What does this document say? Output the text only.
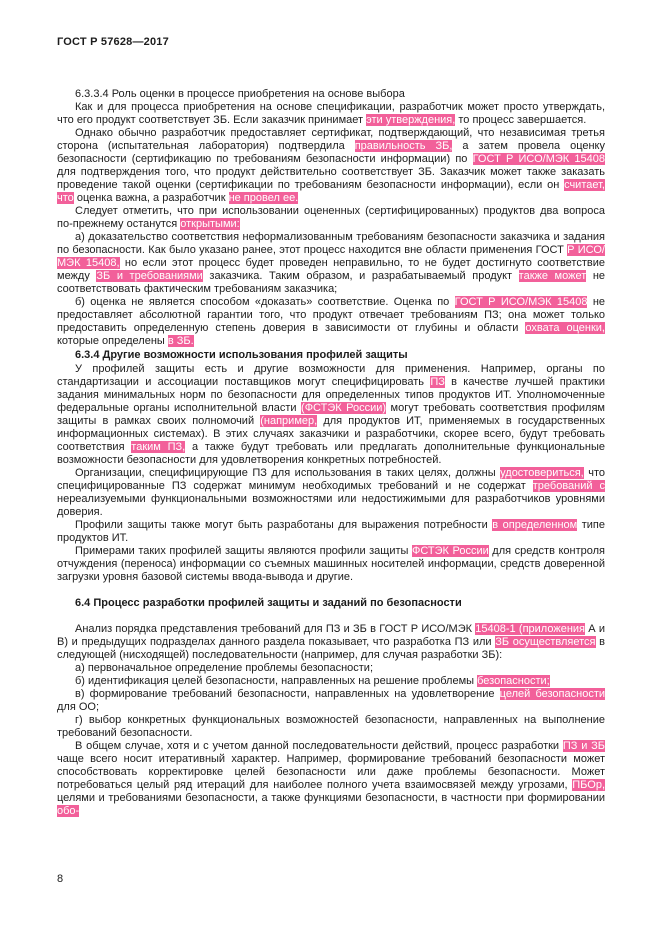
ГОСТ Р 57628—2017

6.3.3.4 Роль оценки в процессе приобретения на основе выбора

Как и для процесса приобретения на основе спецификации, разработчик может просто утверждать, что его продукт соответствует ЗБ. Если заказчик принимает эти утверждения, то процесс завершается.

Однако обычно разработчик предоставляет сертификат, подтверждающий, что независимая третья сторона (испытательная лаборатория) подтвердила правильность ЗБ, а затем провела оценку безопасности (сертификацию по требованиям безопасности информации) по ГОСТ Р ИСО/МЭК 15408 для подтверждения того, что продукт действительно соответствует ЗБ. Заказчик может также заказать проведение такой оценки (сертификации по требованиям безопасности информации), если он считает, что оценка важна, а разработчик не провел ее.

Следует отметить, что при использовании оцененных (сертифицированных) продуктов два вопроса по-прежнему останутся открытыми:

а) доказательство соответствия неформализованным требованиям безопасности заказчика и задания по безопасности. Как было указано ранее, этот процесс находится вне области применения ГОСТ Р ИСО/МЭК 15408, но если этот процесс будет проведен неправильно, то не будет достигнуто соответствие между ЗБ и требованиями заказчика. Таким образом, и разрабатываемый продукт также может не соответствовать фактическим требованиям заказчика;

б) оценка не является способом «доказать» соответствие. Оценка по ГОСТ Р ИСО/МЭК 15408 не предоставляет абсолютной гарантии того, что продукт отвечает требованиям ПЗ; она может только предоставить определенную степень доверия в зависимости от глубины и области охвата оценки, которые определены в ЗБ.

6.3.4 Другие возможности использования профилей защиты

У профилей защиты есть и другие возможности для применения. Например, органы по стандартизации и ассоциации поставщиков могут специфицировать ПЗ в качестве лучшей практики задания минимальных норм по безопасности для определенных типов продуктов ИТ. Уполномоченные федеральные органы исполнительной власти (ФСТЭК России) могут требовать соответствия профилям защиты в рамках своих полномочий (например, для продуктов ИТ, применяемых в государственных информационных системах). В этих случаях заказчики и разработчики, скорее всего, будут требовать соответствия таким ПЗ, а также будут требовать или предлагать дополнительные функциональные возможности безопасности для удовлетворения конкретных потребностей.

Организации, специфицирующие ПЗ для использования в таких целях, должны удостовериться, что специфицированные ПЗ содержат минимум необходимых требований и не содержат требований с нереализуемыми функциональными возможностями или недостижимыми для разработчиков уровнями доверия.

Профили защиты также могут быть разработаны для выражения потребности в определенном типе продуктов ИТ.

Примерами таких профилей защиты являются профили защиты ФСТЭК России для средств контроля отчуждения (переноса) информации со съемных машинных носителей информации, средств доверенной загрузки уровня базовой системы ввода-вывода и другие.

6.4 Процесс разработки профилей защиты и заданий по безопасности

Анализ порядка представления требований для ПЗ и ЗБ в ГОСТ Р ИСО/МЭК 15408-1 (приложения А и В) и предыдущих подразделах данного раздела показывает, что разработка ПЗ или ЗБ осуществляется в следующей (нисходящей) последовательности (например, для случая разработки ЗБ):

а) первоначальное определение проблемы безопасности;

б) идентификация целей безопасности, направленных на решение проблемы безопасности;

в) формирование требований безопасности, направленных на удовлетворение целей безопасности для ОО;

г) выбор конкретных функциональных возможностей безопасности, направленных на выполнение требований безопасности.

В общем случае, хотя и с учетом данной последовательности действий, процесс разработки ПЗ и ЗБ чаще всего носит итеративный характер. Например, формирование требований безопасности может способствовать корректировке целей безопасности или даже проблемы безопасности. Может потребоваться целый ряд итераций для наиболее полного учета взаимосвязей между угрозами, ПБОр, целями и требованиями безопасности, а также функциями безопасности, в частности при формировании обо-

8
